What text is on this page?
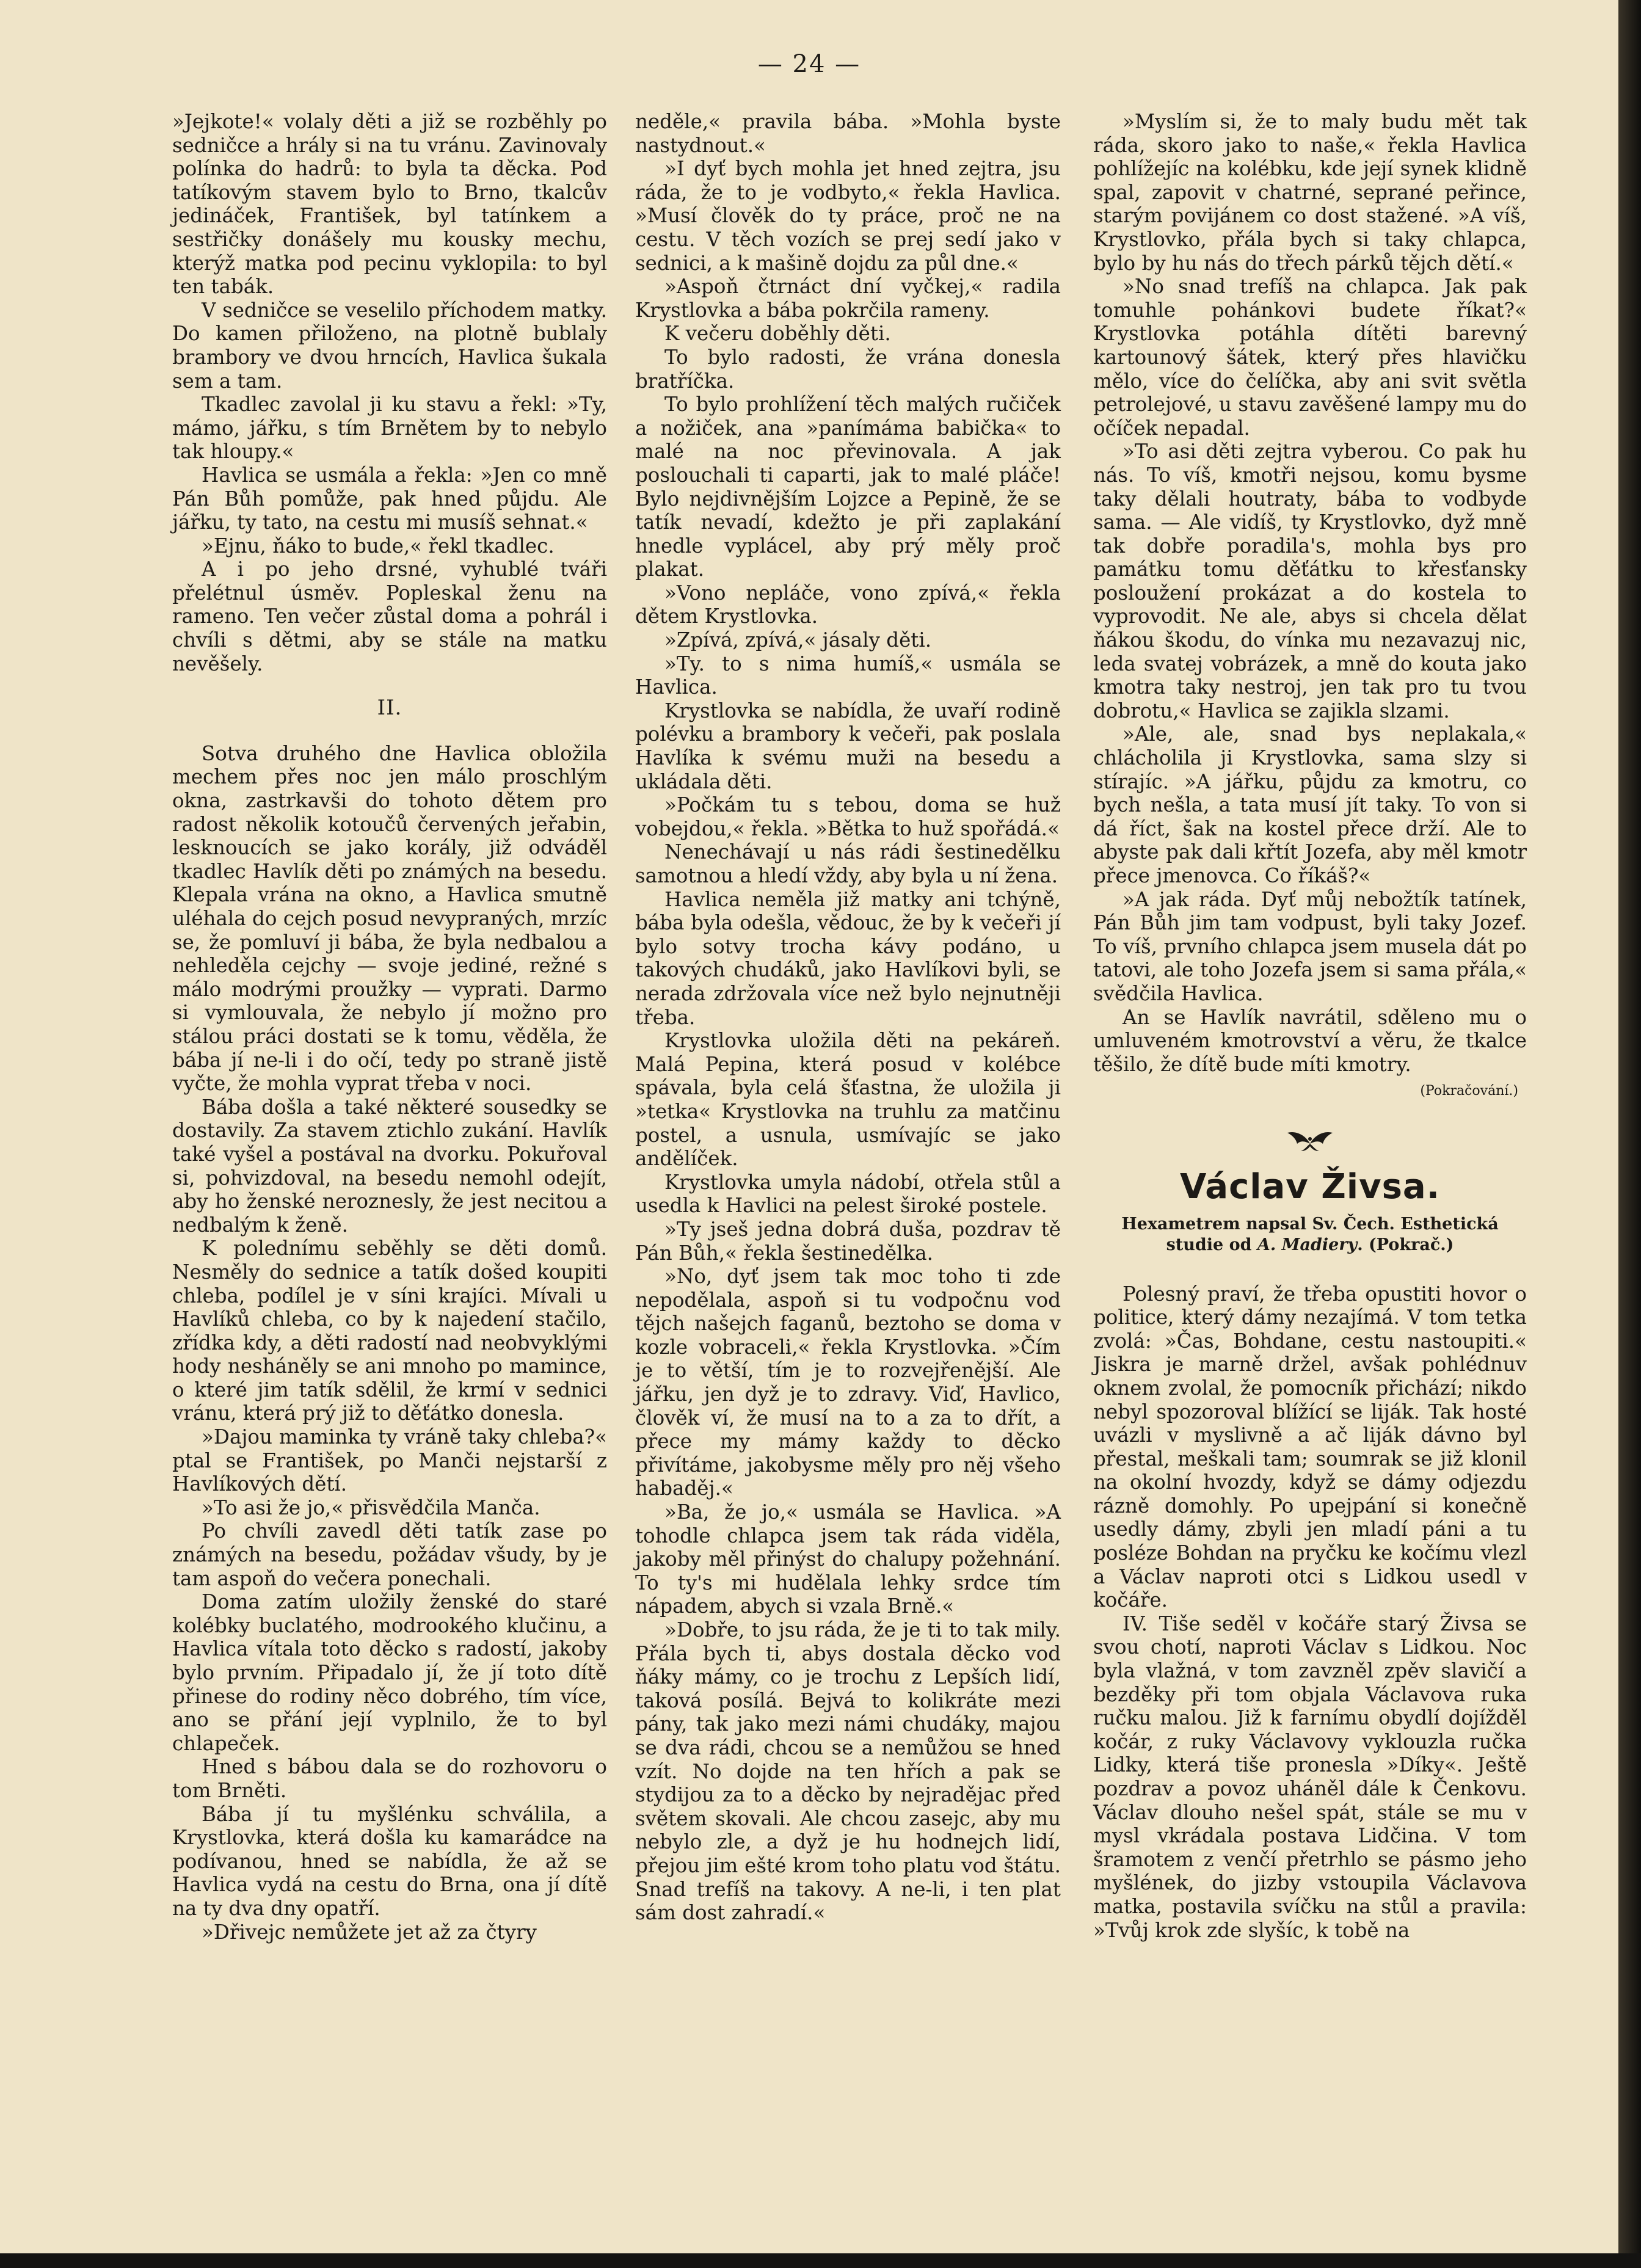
— 24 —

»Jejkote!« volaly děti a již se rozběhly po sedničce a hrály si na tu vránu. Zavinovaly polínka do hadrů: to byla ta děcka. Pod tatíkovým stavem bylo to Brno, tkalcův jedináček, František, byl tatínkem a sestřičky donášely mu kousky mechu, kterýž matka pod pecinu vyklopila: to byl ten tabák.

V sedničce se veselilo příchodem matky. Do kamen přiloženo, na plotně bublaly brambory ve dvou hrncích, Havlica šukala sem a tam.

Tkadlec zavolal ji ku stavu a řekl: »Ty, mámo, jářku, s tím Brnětem by to nebylo tak hloupy.«

Havlica se usmála a řekla: »Jen co mně Pán Bůh pomůže, pak hned půjdu. Ale jářku, ty tato, na cestu mi musíš sehnat.«

»Ejnu, ňáko to bude,« řekl tkadlec.

A i po jeho drsné, vyhublé tváři přelétnul úsměv. Popleskal ženu na rameno. Ten večer zůstal doma a pohrál i chvíli s dětmi, aby se stále na matku nevěšely.

II.

Sotva druhého dne Havlica obložila mechem přes noc jen málo proschlým okna, zastrkavši do tohoto dětem pro radost několik kotoučů červených jeřabin, lesknoucích se jako korály, již odváděl tkadlec Havlík děti po známých na besedu. Klepala vrána na okno, a Havlica smutně uléhala do cejch posud nevypraných, mrzíc se, že pomluví ji bába, že byla nedbalou a nehleděla cejchy — svoje jediné, režné s málo modrými proužky — vyprati. Darmo si vymlouvala, že nebylo jí možno pro stálou práci dostati se k tomu, věděla, že bába jí ne-li i do očí, tedy po straně jistě vyčte, že mohla vyprat třeba v noci.

Bába došla a také některé sousedky se dostavily. Za stavem ztichlo zukání. Havlík také vyšel a postával na dvorku. Pokuřoval si, pohvizdoval, na besedu nemohl odejít, aby ho ženské neroznesly, že jest necitou a nedbalým k ženě.

K polednímu seběhly se děti domů. Nesměly do sednice a tatík došed koupiti chleba, podílel je v síni krajíci. Mívali u Havlíků chleba, co by k najedení stačilo, zřídka kdy, a děti radostí nad neobvyklými hody nesháněly se ani mnoho po mamince, o které jim tatík sdělil, že krmí v sednici vránu, která prý již to děťátko donesla.

»Dajou maminka ty vráně taky chleba?« ptal se František, po Manči nejstarší z Havlíkových dětí.

»To asi že jo,« přisvědčila Manča.

Po chvíli zavedl děti tatík zase po známých na besedu, požádav všudy, by je tam aspoň do večera ponechali.

Doma zatím uložily ženské do staré kolébky buclatého, modrookého klučinu, a Havlica vítala toto děcko s radostí, jakoby bylo prvním. Připadalo jí, že jí toto dítě přinese do rodiny něco dobrého, tím více, ano se přání její vyplnilo, že to byl chlapeček.

Hned s bábou dala se do rozhovoru o tom Brněti.

Bába jí tu myšlénku schválila, a Krystlovka, která došla ku kamarádce na podívanou, hned se nabídla, že až se Havlica vydá na cestu do Brna, ona jí dítě na ty dva dny opatří.

»Dřivejc nemůžete jet až za čtyry

neděle,« pravila bába. »Mohla byste nastydnout.«

»I dyť bych mohla jet hned zejtra, jsu ráda, že to je vodbyto,« řekla Havlica. »Musí člověk do ty práce, proč ne na cestu. V těch vozích se prej sedí jako v sednici, a k mašině dojdu za půl dne.«

»Aspoň čtrnáct dní vyčkej,« radila Krystlovka a bába pokrčila rameny.

K večeru doběhly děti.

To bylo radosti, že vrána donesla bratříčka.

To bylo prohlížení těch malých ručiček a nožiček, ana »panímáma babička« to malé na noc převinovala. A jak poslouchali ti caparti, jak to malé pláče! Bylo nejdivnějším Lojzce a Pepině, že se tatík nevadí, kdežto je při zaplakání hnedle vyplácel, aby prý měly proč plakat.

»Vono nepláče, vono zpívá,« řekla dětem Krystlovka.

»Zpívá, zpívá,« jásaly děti.

»Ty. to s nima humíš,« usmála se Havlica.

Krystlovka se nabídla, že uvaří rodině polévku a brambory k večeři, pak poslala Havlíka k svému muži na besedu a ukládala děti.

»Počkám tu s tebou, doma se huž vobejdou,« řekla. »Bětka to huž spořádá.«

Nenechávají u nás rádi šestinedělku samotnou a hledí vždy, aby byla u ní žena.

Havlica neměla již matky ani tchýně, bába byla odešla, vědouc, že by k večeři jí bylo sotvy trocha kávy podáno, u takových chudáků, jako Havlíkovi byli, se nerada zdržovala více než bylo nejnutněji třeba.

Krystlovka uložila děti na pekáreň. Malá Pepina, která posud v kolébce spávala, byla celá šťastna, že uložila ji »tetka« Krystlovka na truhlu za matčinu postel, a usnula, usmívajíc se jako andělíček.

Krystlovka umyla nádobí, otřela stůl a usedla k Havlici na pelest široké postele.

»Ty jseš jedna dobrá duša, pozdrav tě Pán Bůh,« řekla šestinedělka.

»No, dyť jsem tak moc toho ti zde nepodělala, aspoň si tu vodpočnu vod tějch našejch faganů, beztoho se doma v kozle vobraceli,« řekla Krystlovka. »Čím je to větší, tím je to rozvejřenější. Ale jářku, jen dyž je to zdravy. Viď, Havlico, člověk ví, že musí na to a za to dřít, a přece my mámy každy to děcko přivítáme, jakobysme měly pro něj všeho habaděj.«

»Ba, že jo,« usmála se Havlica. »A tohodle chlapca jsem tak ráda viděla, jakoby měl přinýst do chalupy požehnání. To ty's mi hudělala lehky srdce tím nápadem, abych si vzala Brně.«

»Dobře, to jsu ráda, že je ti to tak mily. Přála bych ti, abys dostala děcko vod ňáky mámy, co je trochu z Lepších lidí, taková posílá. Bejvá to kolikráte mezi pány, tak jako mezi námi chudáky, majou se dva rádi, chcou se a nemůžou se hned vzít. No dojde na ten hřích a pak se stydijou za to a děcko by nejradějac před světem skovali. Ale chcou zasejc, aby mu nebylo zle, a dyž je hu hodnejch lidí, přejou jim ešté krom toho platu vod štátu. Snad trefíš na takovy. A ne-li, i ten plat sám dost zahradí.«

»Myslím si, že to maly budu mět tak ráda, skoro jako to naše,« řekla Havlica pohlížejíc na kolébku, kde její synek klidně spal, zapovit v chatrné, seprané peřince, starým povijánem co dost stažené. »A víš, Krystlovko, přála bych si taky chlapca, bylo by hu nás do třech párků tějch dětí.«

»No snad trefíš na chlapca. Jak pak tomuhle pohánkovi budete říkat?« Krystlovka potáhla dítěti barevný kartounový šátek, který přes hlavičku mělo, více do čelíčka, aby ani svit světla petrolejové, u stavu zavěšené lampy mu do očíček nepadal.

»To asi děti zejtra vyberou. Co pak hu nás. To víš, kmotři nejsou, komu bysme taky dělali houtraty, bába to vodbyde sama. — Ale vidíš, ty Krystlovko, dyž mně tak dobře poradila's, mohla bys pro památku tomu děťátku to křesťansky posloužení prokázat a do kostela to vyprovodit. Ne ale, abys si chcela dělat ňákou škodu, do vínka mu nezavazuj nic, leda svatej vobrázek, a mně do kouta jako kmotra taky nestroj, jen tak pro tu tvou dobrotu,« Havlica se zajikla slzami.

»Ale, ale, snad bys neplakala,« chlácholila ji Krystlovka, sama slzy si stírajíc. »A jářku, půjdu za kmotru, co bych nešla, a tata musí jít taky. To von si dá říct, šak na kostel přece drží. Ale to abyste pak dali křtít Jozefa, aby měl kmotr přece jmenovca. Co říkáš?«

»A jak ráda. Dyť můj nebožtík tatínek, Pán Bůh jim tam vodpust, byli taky Jozef. To víš, prvního chlapca jsem musela dát po tatovi, ale toho Jozefa jsem si sama přála,« svědčila Havlica.

An se Havlík navrátil, sděleno mu o umluveném kmotrovství a věru, že tkalce těšilo, že dítě bude míti kmotry.

(Pokračování.)
Václav Živsa.
Hexametrem napsal Sv. Čech. Esthetická studie od A. Madiery. (Pokrač.)

Polesný praví, že třeba opustiti hovor o politice, který dámy nezajímá. V tom tetka zvolá: »Čas, Bohdane, cestu nastoupiti.« Jiskra je marně držel, avšak pohlédnuv oknem zvolal, že pomocník přichází; nikdo nebyl spozoroval blížící se liják. Tak hosté uvázli v myslivně a ač liják dávno byl přestal, meškali tam; soumrak se již klonil na okolní hvozdy, když se dámy odjezdu rázně domohly. Po upejpání si konečně usedly dámy, zbyli jen mladí páni a tu posléze Bohdan na pryčku ke kočímu vlezl a Václav naproti otci s Lidkou usedl v kočáře.

IV. Tiše seděl v kočáře starý Živsa se svou chotí, naproti Václav s Lidkou. Noc byla vlažná, v tom zavzněl zpěv slavičí a bezděky při tom objala Václavova ruka ručku malou. Již k farnímu obydlí dojížděl kočár, z ruky Václavovy vyklouzla ručka Lidky, která tiše pronesla »Díky«. Ještě pozdrav a povoz uháněl dále k Čenkovu. Václav dlouho nešel spát, stále se mu v mysl vkrádala postava Lidčina. V tom šramotem z venčí přetrhlo se pásmo jeho myšlének, do jizby vstoupila Václavova matka, postavila svíčku na stůl a pravila: »Tvůj krok zde slyšíc, k tobě na
